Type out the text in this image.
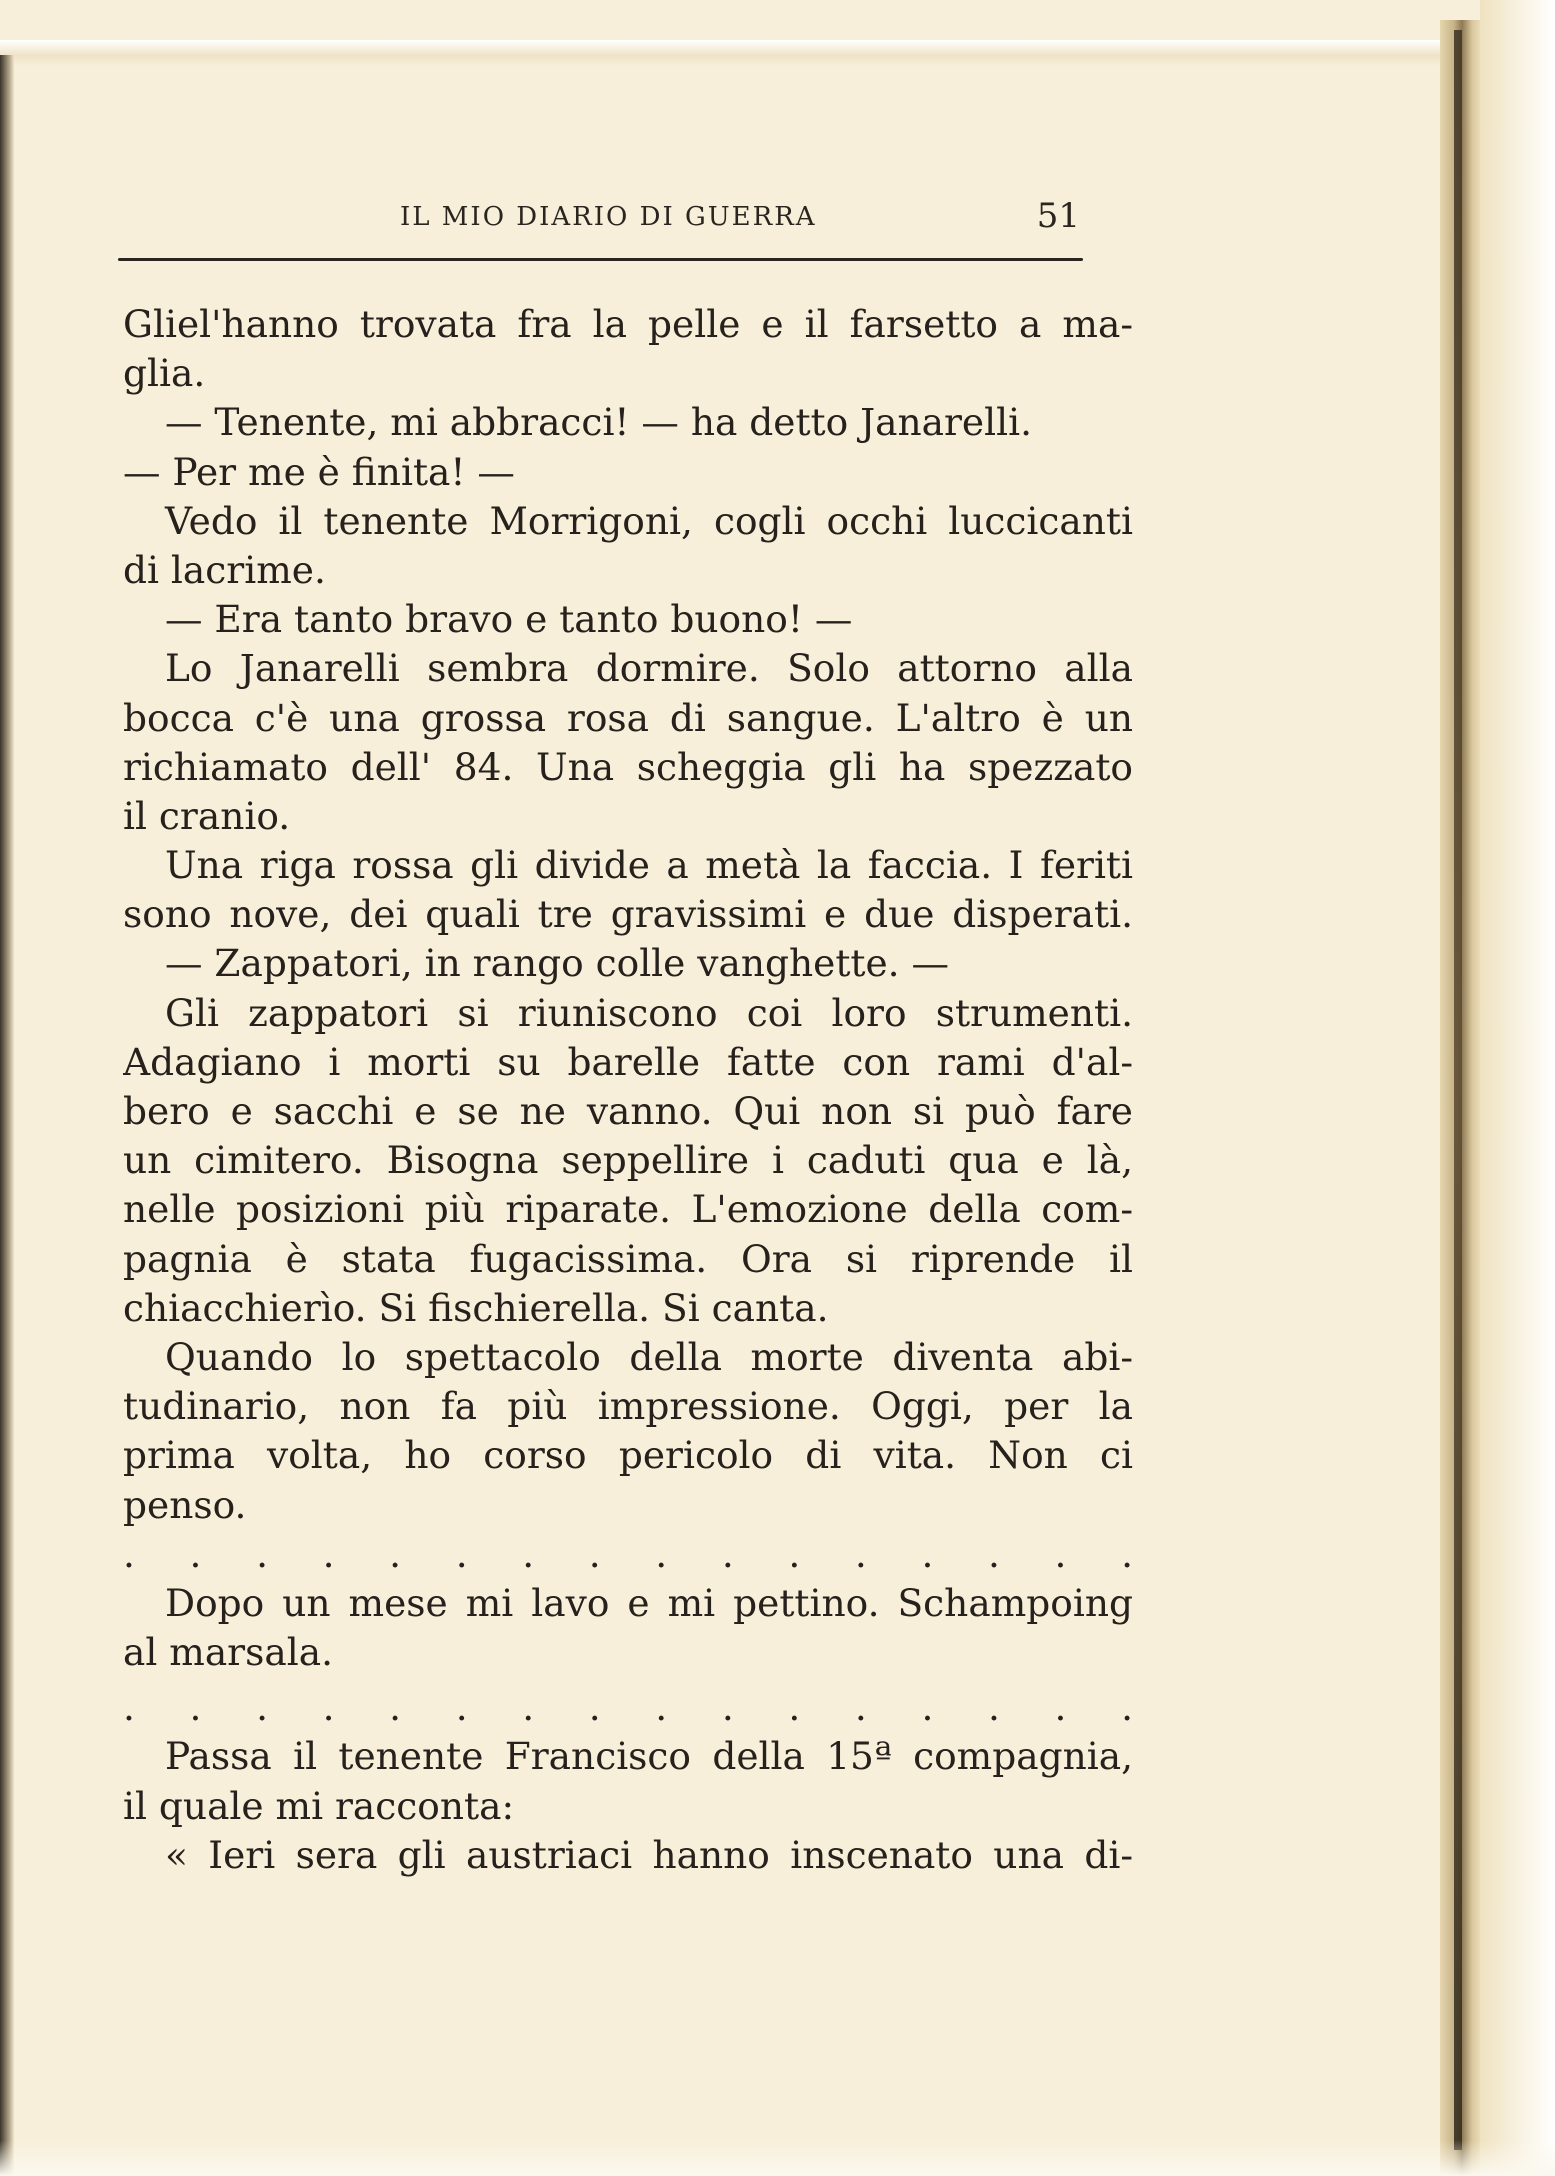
IL MIO DIARIO DI GUERRA	51
Gliel'hanno trovata fra la pelle e il farsetto a ma-
glia.
— Tenente, mi abbracci! — ha detto Janarelli.
— Per me è finita! —
Vedo il tenente Morrigoni, cogli occhi luccicanti
di lacrime.
— Era tanto bravo e tanto buono! —
Lo Janarelli sembra dormire. Solo attorno alla
bocca c'è una grossa rosa di sangue. L'altro è un
richiamato dell' 84. Una scheggia gli ha spezzato
il cranio.
Una riga rossa gli divide a metà la faccia. I feriti
sono nove, dei quali tre gravissimi e due disperati.
— Zappatori, in rango colle vanghette. —
Gli zappatori si riuniscono coi loro strumenti.
Adagiano i morti su barelle fatte con rami d'al-
bero e sacchi e se ne vanno. Qui non si può fare
un cimitero. Bisogna seppellire i caduti qua e là,
nelle posizioni più riparate. L'emozione della com-
pagnia è stata fugacissima. Ora si riprende il
chiacchierìo. Si fischierella. Si canta.
Quando lo spettacolo della morte diventa abi-
tudinario, non fa più impressione. Oggi, per la
prima volta, ho corso pericolo di vita. Non ci
penso.
. . . . . . . . . . . . . . . .
Dopo un mese mi lavo e mi pettino. Schampoing
al marsala.
. . . . . . . . . . . . . . . .
Passa il tenente Francisco della 15ª compagnia,
il quale mi racconta:
« Ieri sera gli austriaci hanno inscenato una di-
